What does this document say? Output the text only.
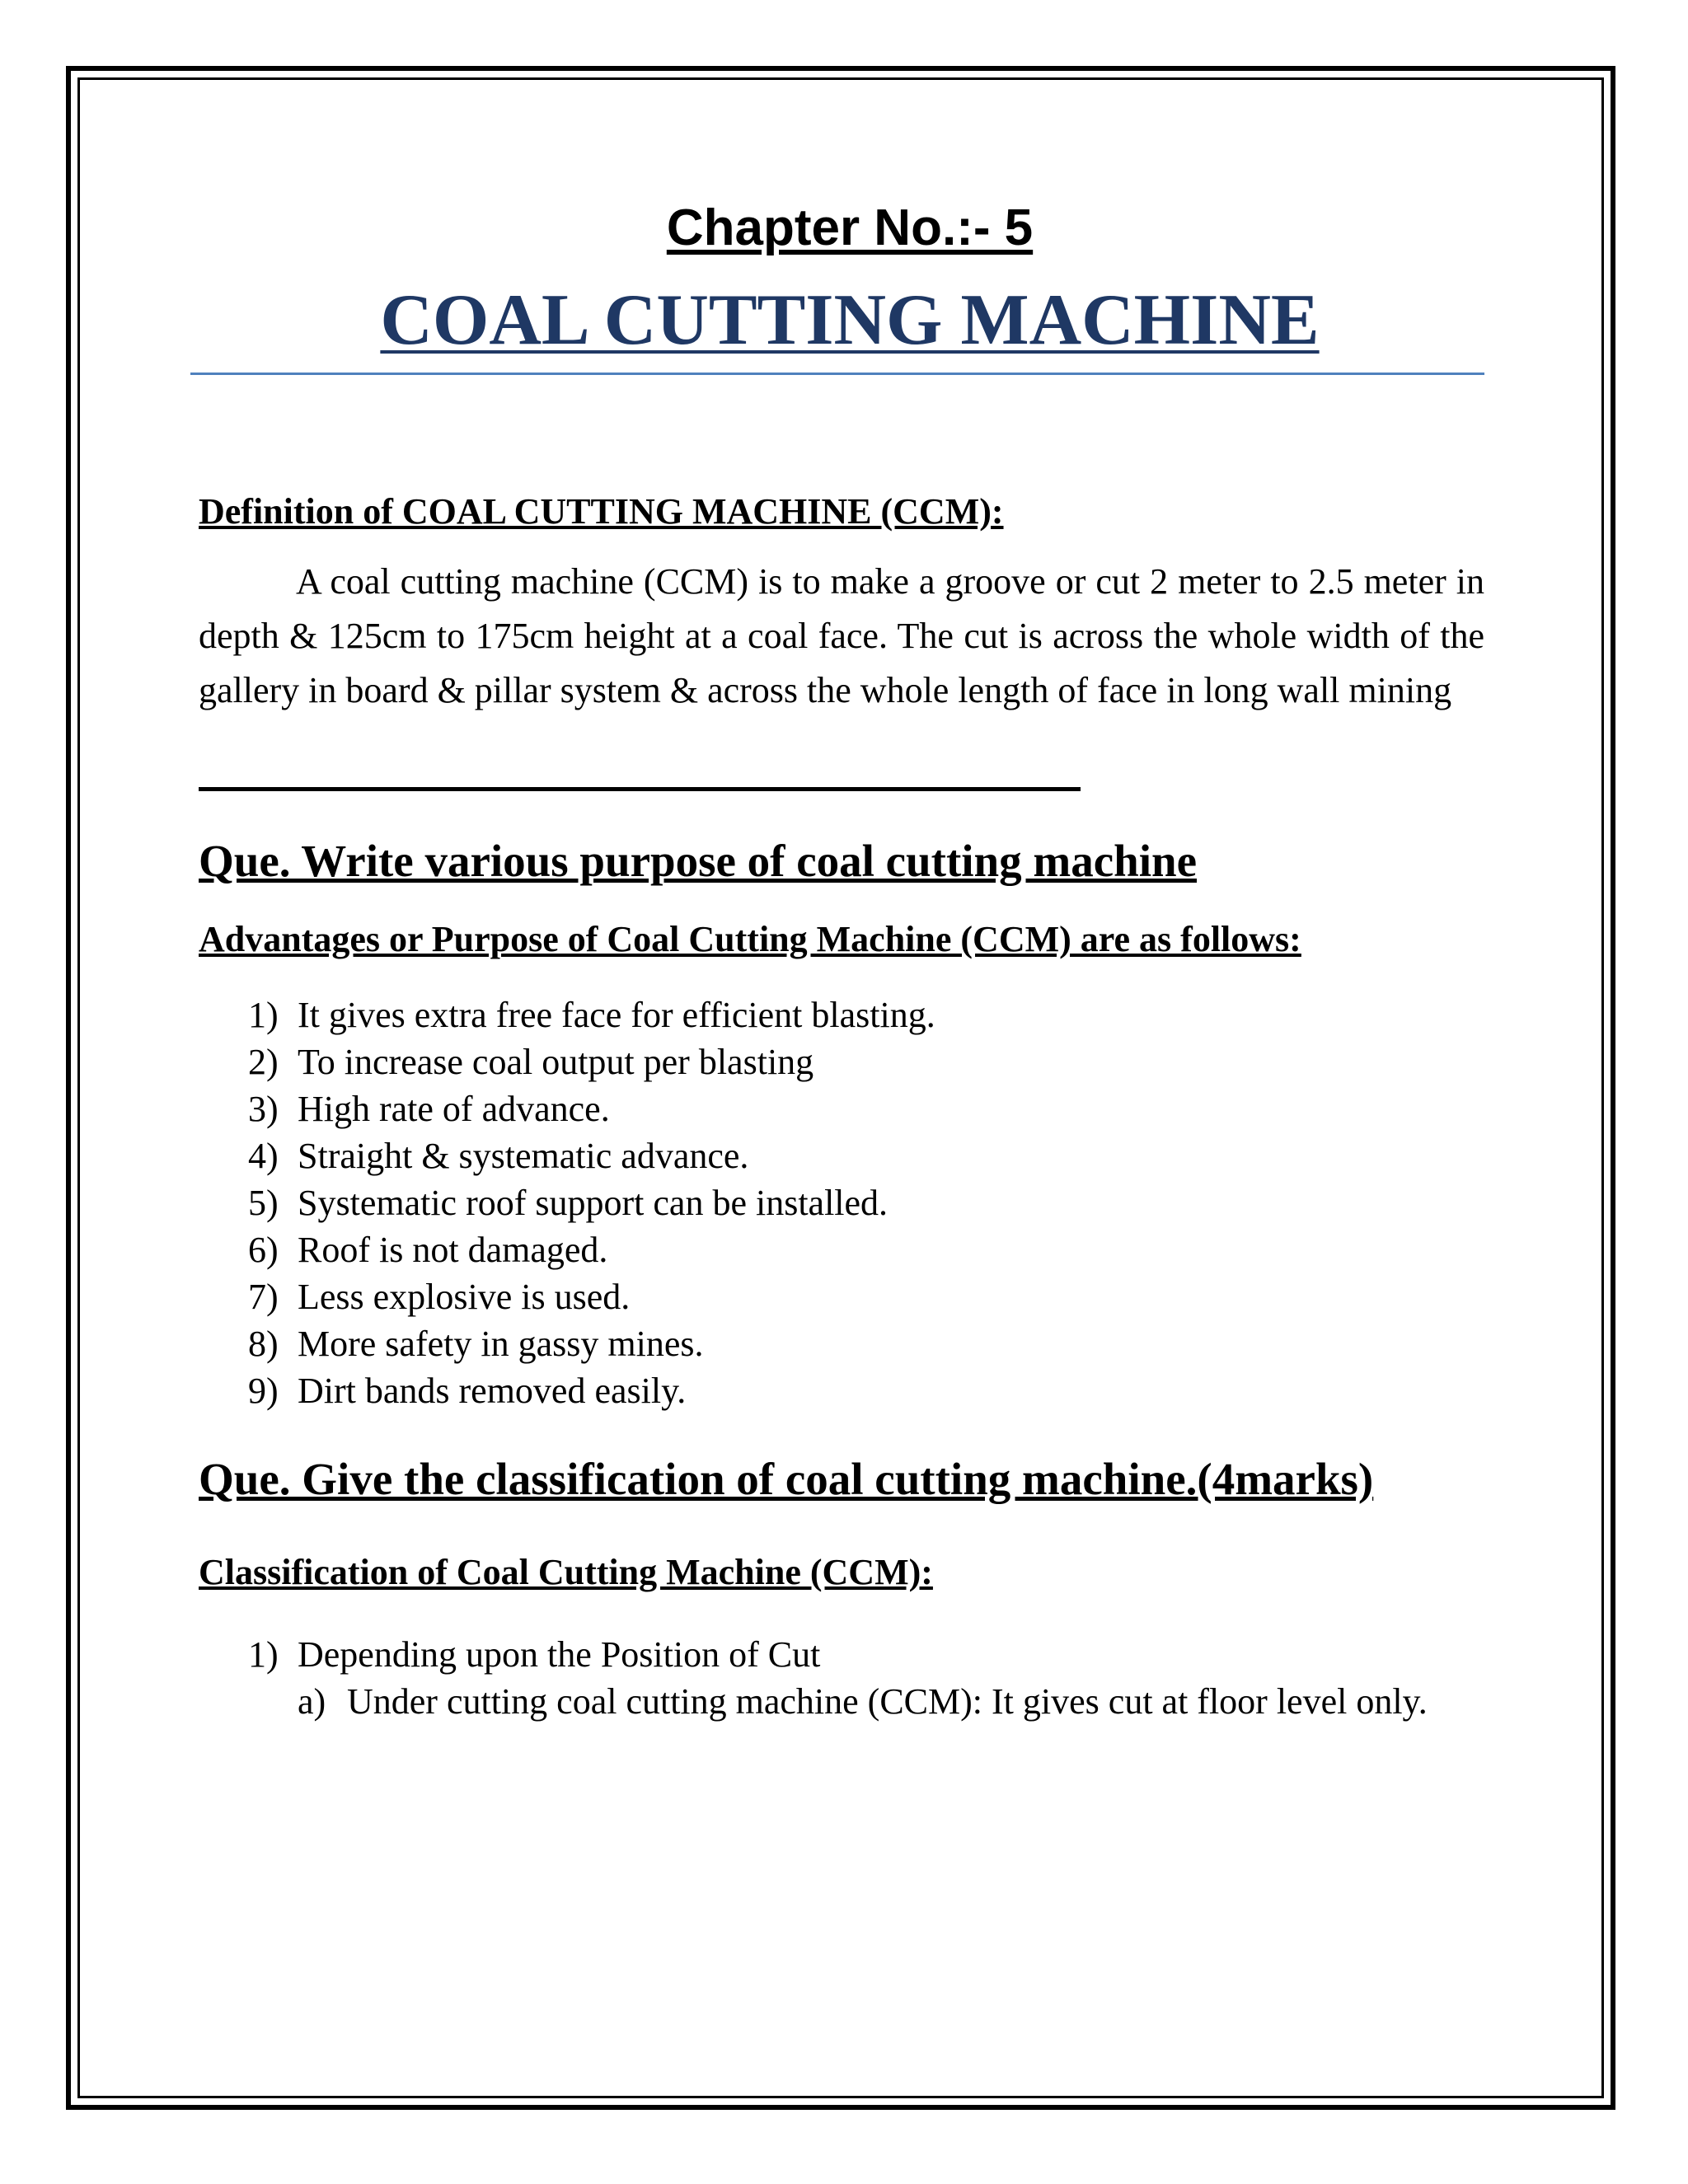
Chapter No.:- 5
COAL CUTTING MACHINE
Definition of COAL CUTTING MACHINE (CCM):

A coal cutting machine (CCM) is to make a groove or cut 2 meter to 2.5 meter in depth & 125cm to 175cm height at a coal face. The cut is across the whole width of the gallery in board & pillar system & across the whole length of face in long wall mining

Que. Write various purpose of coal cutting machine
Advantages or Purpose of Coal Cutting Machine (CCM) are as follows:
1) It gives extra free face for efficient blasting.
2) To increase coal output per blasting
3) High rate of advance.
4) Straight & systematic advance.
5) Systematic roof support can be installed.
6) Roof is not damaged.
7) Less explosive is used.
8) More safety in gassy mines.
9) Dirt bands removed easily.
Que. Give the classification of coal cutting machine.(4marks)
Classification of Coal Cutting Machine (CCM):
1) Depending upon the Position of Cut
a) Under cutting coal cutting machine (CCM): It gives cut at floor level only.
